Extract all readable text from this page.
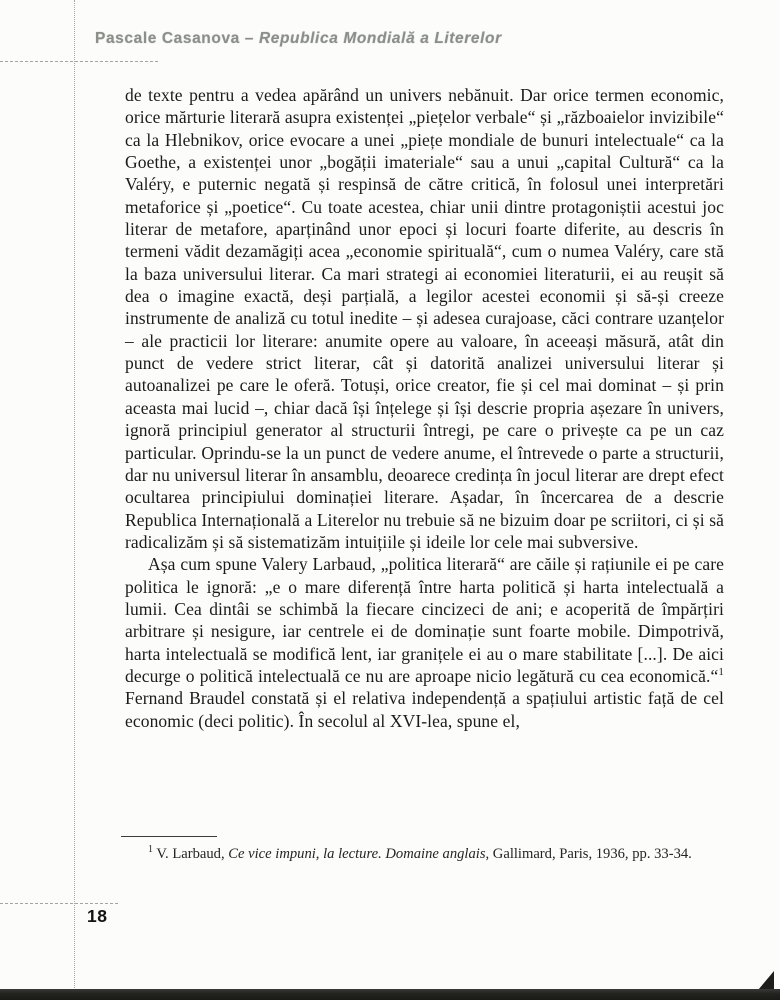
Pascale Casanova – Republica Mondială a Literelor

de texte pentru a vedea apărând un univers nebănuit. Dar orice termen economic, orice mărturie literară asupra existenței „piețelor verbale“ și „războaielor invizibile“ ca la Hlebnikov, orice evocare a unei „piețe mondiale de bunuri intelectuale“ ca la Goethe, a existenței unor „bogății imateriale“ sau a unui „capital Cultură“ ca la Valéry, e puternic negată și respinsă de către critică, în folosul unei interpretări metaforice și „poetice“. Cu toate acestea, chiar unii dintre protagoniștii acestui joc literar de metafore, aparținând unor epoci și locuri foarte diferite, au descris în termeni vădit dezamăgiți acea „economie spirituală“, cum o numea Valéry, care stă la baza universului literar. Ca mari strategi ai economiei literaturii, ei au reușit să dea o imagine exactă, deși parțială, a legilor acestei economii și să-și creeze instrumente de analiză cu totul inedite – și adesea curajoase, căci contrare uzanțelor – ale practicii lor literare: anumite opere au valoare, în aceeași măsură, atât din punct de vedere strict literar, cât și datorită analizei universului literar și autoanalizei pe care le oferă. Totuși, orice creator, fie și cel mai dominat – și prin aceasta mai lucid –, chiar dacă își înțelege și își descrie propria așezare în univers, ignoră principiul generator al structurii întregi, pe care o privește ca pe un caz particular. Oprindu-se la un punct de vedere anume, el întrevede o parte a structurii, dar nu universul literar în ansamblu, deoarece credința în jocul literar are drept efect ocultarea principiului dominației literare. Așadar, în încercarea de a descrie Republica Internațională a Literelor nu trebuie să ne bizuim doar pe scriitori, ci și să radicalizăm și să sistematizăm intuițiile și ideile lor cele mai subversive.

Așa cum spune Valery Larbaud, „politica literară“ are căile și rațiunile ei pe care politica le ignoră: „e o mare diferență între harta politică și harta intelectuală a lumii. Cea dintâi se schimbă la fiecare cincizeci de ani; e acoperită de împărțiri arbitrare și nesigure, iar centrele ei de dominație sunt foarte mobile. Dimpotrivă, harta intelectuală se modifică lent, iar granițele ei au o mare stabilitate [...]. De aici decurge o politică intelectuală ce nu are aproape nicio legătură cu cea economică.“$^1$ Fernand Braudel constată și el relativa independență a spațiului artistic față de cel economic (deci politic). În secolul al XVI-lea, spune el,

$^1$ V. Larbaud, Ce vice impuni, la lecture. Domaine anglais, Gallimard, Paris, 1936, pp. 33-34.

18
